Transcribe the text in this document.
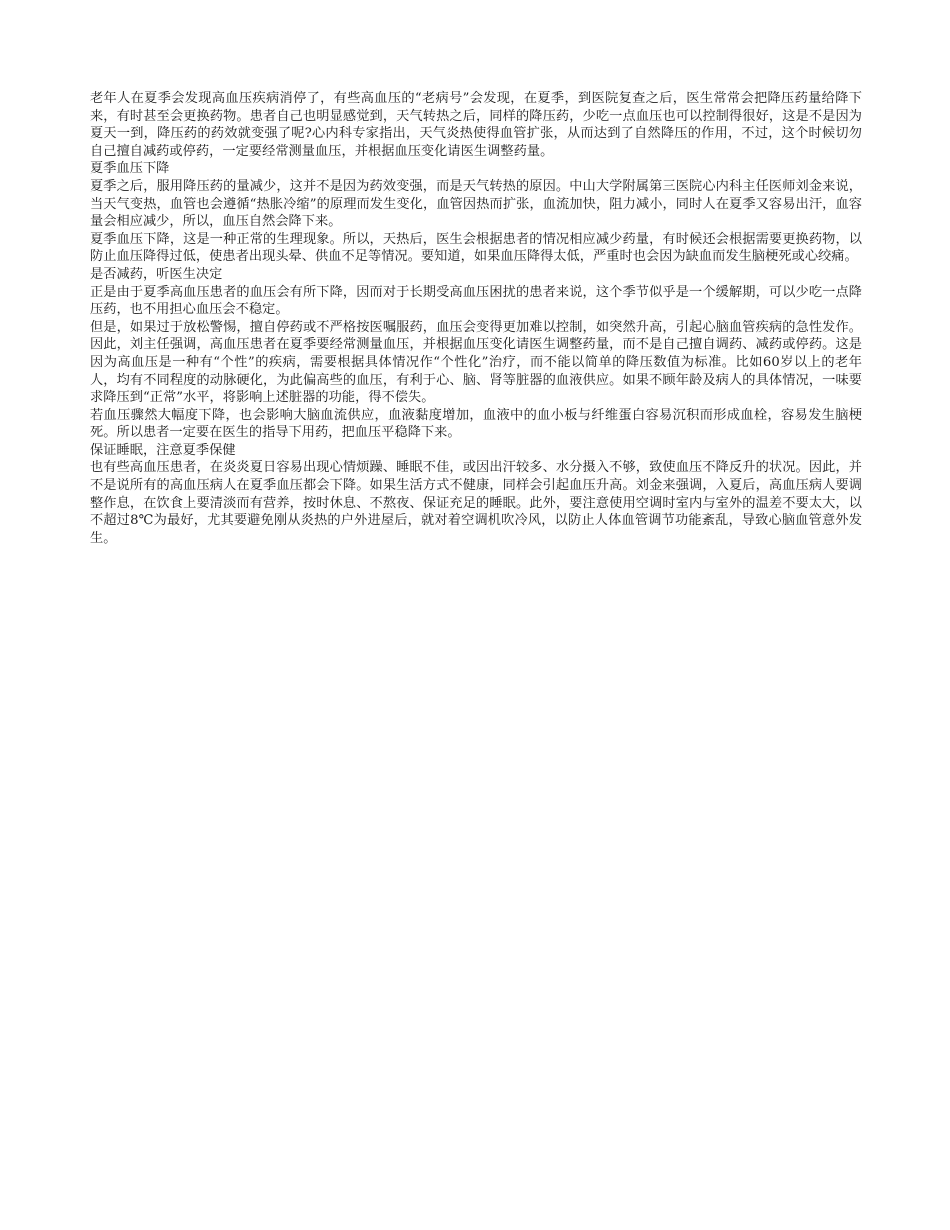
老年人在夏季会发现高血压疾病消停了，有些高血压的“老病号”会发现，在夏季，到医院复查之后，医生常常会把降压药量给降下来，有时甚至会更换药物。患者自己也明显感觉到，天气转热之后，同样的降压药，少吃一点血压也可以控制得很好，这是不是因为夏天一到，降压药的药效就变强了呢?心内科专家指出，天气炎热使得血管扩张，从而达到了自然降压的作用，不过，这个时候切勿自己擅自减药或停药，一定要经常测量血压，并根据血压变化请医生调整药量。

夏季血压下降

夏季之后，服用降压药的量减少，这并不是因为药效变强，而是天气转热的原因。中山大学附属第三医院心内科主任医师刘金来说，当天气变热，血管也会遵循“热胀冷缩”的原理而发生变化，血管因热而扩张，血流加快，阻力减小，同时人在夏季又容易出汗，血容量会相应减少，所以，血压自然会降下来。

夏季血压下降，这是一种正常的生理现象。所以，天热后，医生会根据患者的情况相应减少药量，有时候还会根据需要更换药物，以防止血压降得过低，使患者出现头晕、供血不足等情况。要知道，如果血压降得太低，严重时也会因为缺血而发生脑梗死或心绞痛。

是否减药，听医生决定

正是由于夏季高血压患者的血压会有所下降，因而对于长期受高血压困扰的患者来说，这个季节似乎是一个缓解期，可以少吃一点降压药，也不用担心血压会不稳定。

但是，如果过于放松警惕，擅自停药或不严格按医嘱服药，血压会变得更加难以控制，如突然升高，引起心脑血管疾病的急性发作。因此，刘主任强调，高血压患者在夏季要经常测量血压，并根据血压变化请医生调整药量，而不是自己擅自调药、减药或停药。这是因为高血压是一种有“个性”的疾病，需要根据具体情况作“个性化”治疗，而不能以简单的降压数值为标准。比如60岁以上的老年人，均有不同程度的动脉硬化，为此偏高些的血压，有利于心、脑、肾等脏器的血液供应。如果不顾年龄及病人的具体情况，一味要求降压到“正常”水平，将影响上述脏器的功能，得不偿失。

若血压骤然大幅度下降，也会影响大脑血流供应，血液黏度增加，血液中的血小板与纤维蛋白容易沉积而形成血栓，容易发生脑梗死。所以患者一定要在医生的指导下用药，把血压平稳降下来。

保证睡眠，注意夏季保健

也有些高血压患者，在炎炎夏日容易出现心情烦躁、睡眠不佳，或因出汗较多、水分摄入不够，致使血压不降反升的状况。因此，并不是说所有的高血压病人在夏季血压都会下降。如果生活方式不健康，同样会引起血压升高。刘金来强调，入夏后，高血压病人要调整作息，在饮食上要清淡而有营养，按时休息、不熬夜、保证充足的睡眠。此外，要注意使用空调时室内与室外的温差不要太大，以不超过8℃为最好，尤其要避免刚从炎热的户外进屋后，就对着空调机吹冷风，以防止人体血管调节功能紊乱，导致心脑血管意外发生。
